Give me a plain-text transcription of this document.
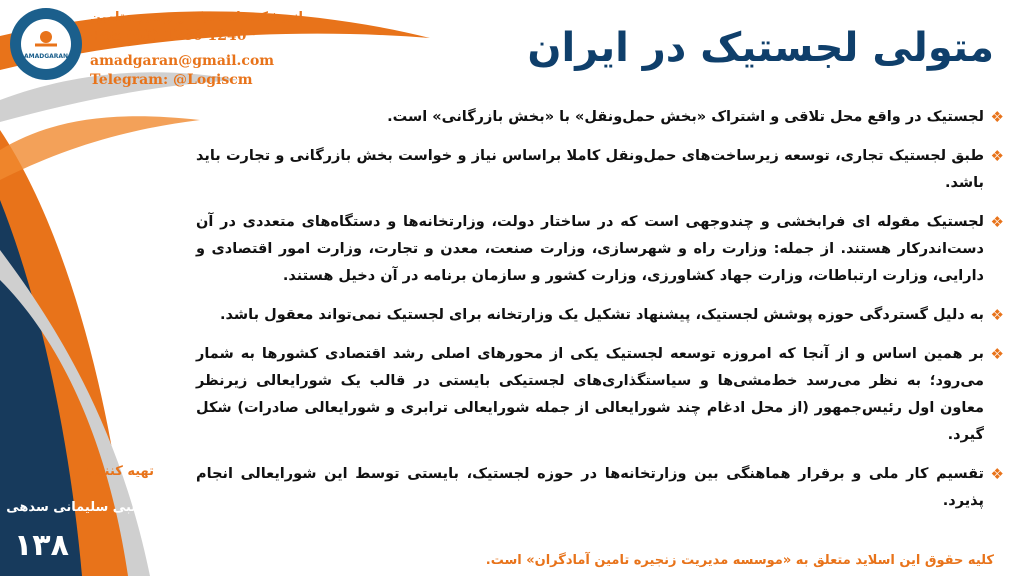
AMADGARAN
اندیشکده لجستیک و زنجیره تامین
+98 (99) 1280 1240
amadgaran@gmail.com
Telegram: @Logiscm
متولی لجستیک در ایران
❖
لجستیک در واقع محل تلاقی و اشتراک «بخش حمل‌ونقل» با «بخش بازرگانی» است.
❖
طبق لجستیک تجاری، توسعه زیرساخت‌های حمل‌ونقل کاملا براساس نیاز و خواست بخش بازرگانی و تجارت باید باشد.
❖
لجستیک مقوله ای فرابخشی و چندوجهی است که در ساختار دولت، وزارتخانه‌ها و دستگاه‌های متعددی در آن دست‌اندرکار هستند. از جمله: وزارت راه و شهرسازی، وزارت صنعت، معدن و تجارت، وزارت امور اقتصادی و دارایی، وزارت ارتباطات، وزارت جهاد کشاورزی، وزارت کشور و سازمان برنامه در آن دخیل هستند.
❖
به دلیل گستردگی حوزه پوشش لجستیک، پیشنهاد تشکیل یک وزارتخانه برای لجستیک نمی‌تواند معقول باشد.
❖
بر همین اساس و از آنجا که امروزه توسعه لجستیک یکی از محورهای اصلی رشد اقتصادی کشورها به شمار می‌رود؛ به نظر می‌رسد خط‌مشی‌ها و سیاستگذاری‌های لجستیکی بایستی در قالب یک شورایعالی زیرنظر معاون اول رئیس‌جمهور (از محل ادغام چند شورایعالی از جمله شورایعالی ترابری و شورایعالی صادرات) شکل گیرد.
❖
تقسیم کار ملی و برقرار هماهنگی بین وزارتخانه‌ها در حوزه لجستیک، بایستی توسط این شورایعالی انجام پذیرد.
تهیه کننده:
مجتبی سلیمانی سدهی
۱۳۸	کلیه حقوق این اسلاید متعلق به «موسسه مدیریت زنجیره تامین آمادگران» است.
